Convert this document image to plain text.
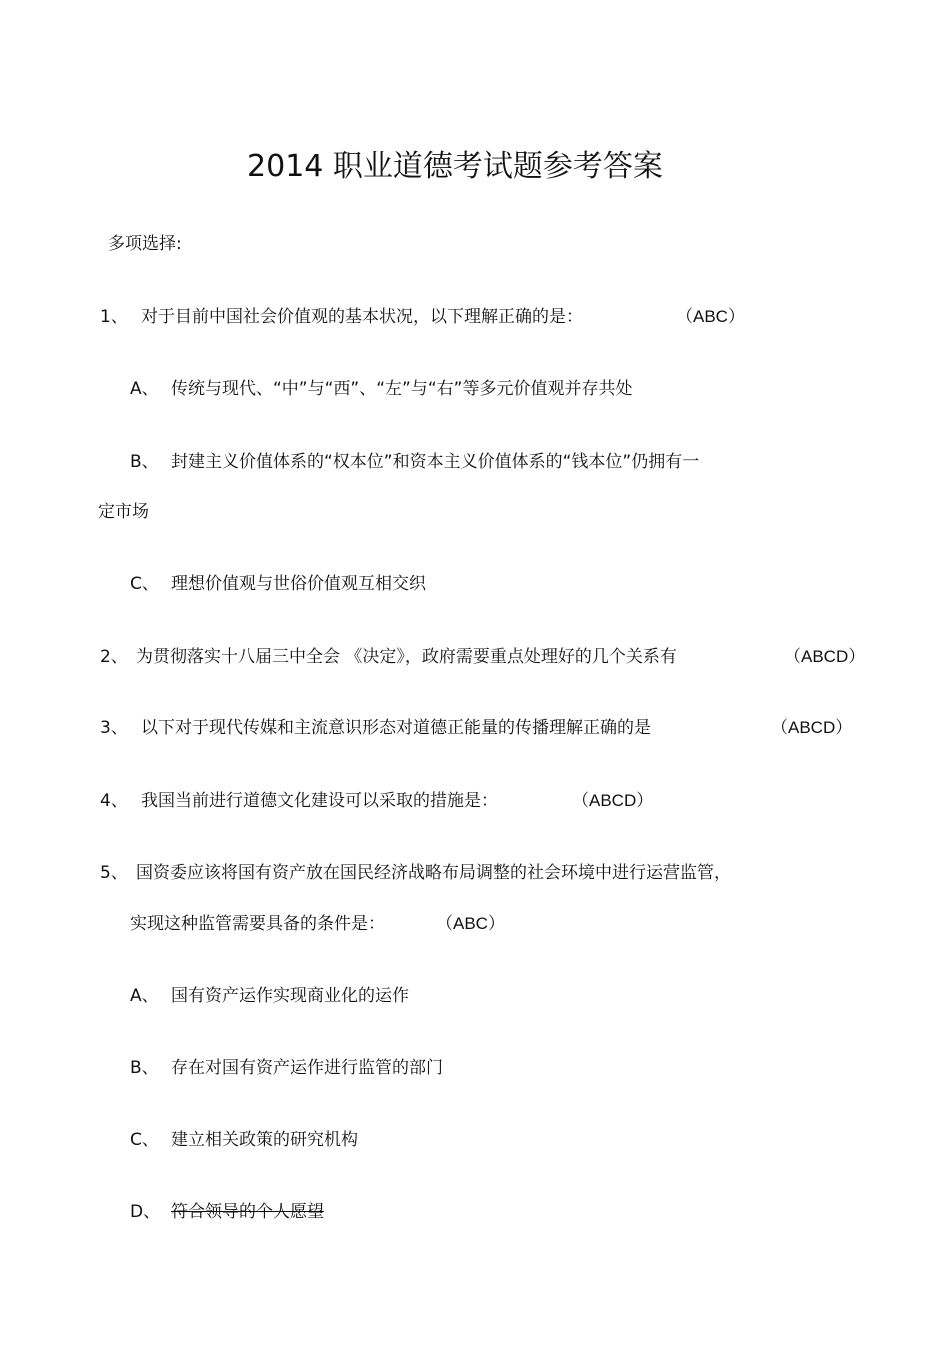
2014 职业道德考试题参考答案
多项选择:
1、 对于目前中国社会价值观的基本状况，以下理解正确的是：	（ABC）
A、 传统与现代、“中”与“西”、“左”与“右”等多元价值观并存共处
B、 封建主义价值体系的“权本位”和资本主义价值体系的“钱本位”仍拥有一
定市场
C、 理想价值观与世俗价值观互相交织
2、 为贯彻落实十八届三中全会 《决定》，政府需要重点处理好的几个关系有	（ABCD）
3、 以下对于现代传媒和主流意识形态对道德正能量的传播理解正确的是	（ABCD）
4、 我国当前进行道德文化建设可以采取的措施是：	（ABCD）
5、 国资委应该将国有资产放在国民经济战略布局调整的社会环境中进行运营监管，
实现这种监管需要具备的条件是：	（ABC）
A、 国有资产运作实现商业化的运作
B、 存在对国有资产运作进行监管的部门
C、 建立相关政策的研究机构
D、 符合领导的个人愿望
